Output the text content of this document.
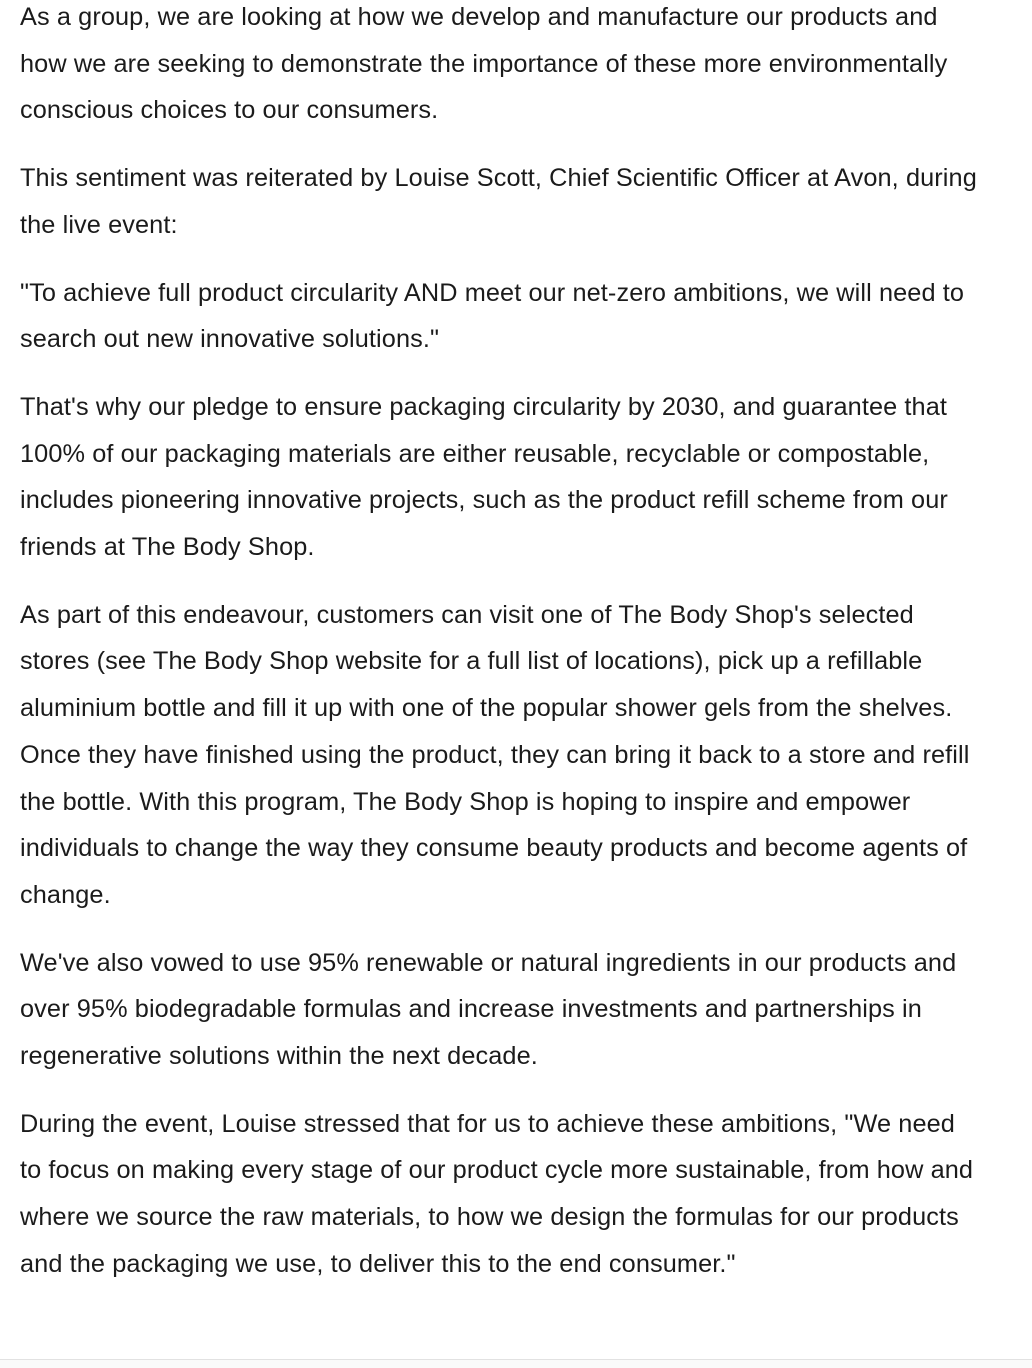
As a group, we are looking at how we develop and manufacture our products and how we are seeking to demonstrate the importance of these more environmentally conscious choices to our consumers.

This sentiment was reiterated by Louise Scott, Chief Scientific Officer at Avon, during the live event:

"To achieve full product circularity AND meet our net-zero ambitions, we will need to search out new innovative solutions."

That's why our pledge to ensure packaging circularity by 2030, and guarantee that 100% of our packaging materials are either reusable, recyclable or compostable, includes pioneering innovative projects, such as the product refill scheme from our friends at The Body Shop.

As part of this endeavour, customers can visit one of The Body Shop's selected stores (see The Body Shop website for a full list of locations), pick up a refillable aluminium bottle and fill it up with one of the popular shower gels from the shelves. Once they have finished using the product, they can bring it back to a store and refill the bottle. With this program, The Body Shop is hoping to inspire and empower individuals to change the way they consume beauty products and become agents of change.

We've also vowed to use 95% renewable or natural ingredients in our products and over 95% biodegradable formulas and increase investments and partnerships in regenerative solutions within the next decade.

During the event, Louise stressed that for us to achieve these ambitions, "We need to focus on making every stage of our product cycle more sustainable, from how and where we source the raw materials, to how we design the formulas for our products and the packaging we use, to deliver this to the end consumer."
